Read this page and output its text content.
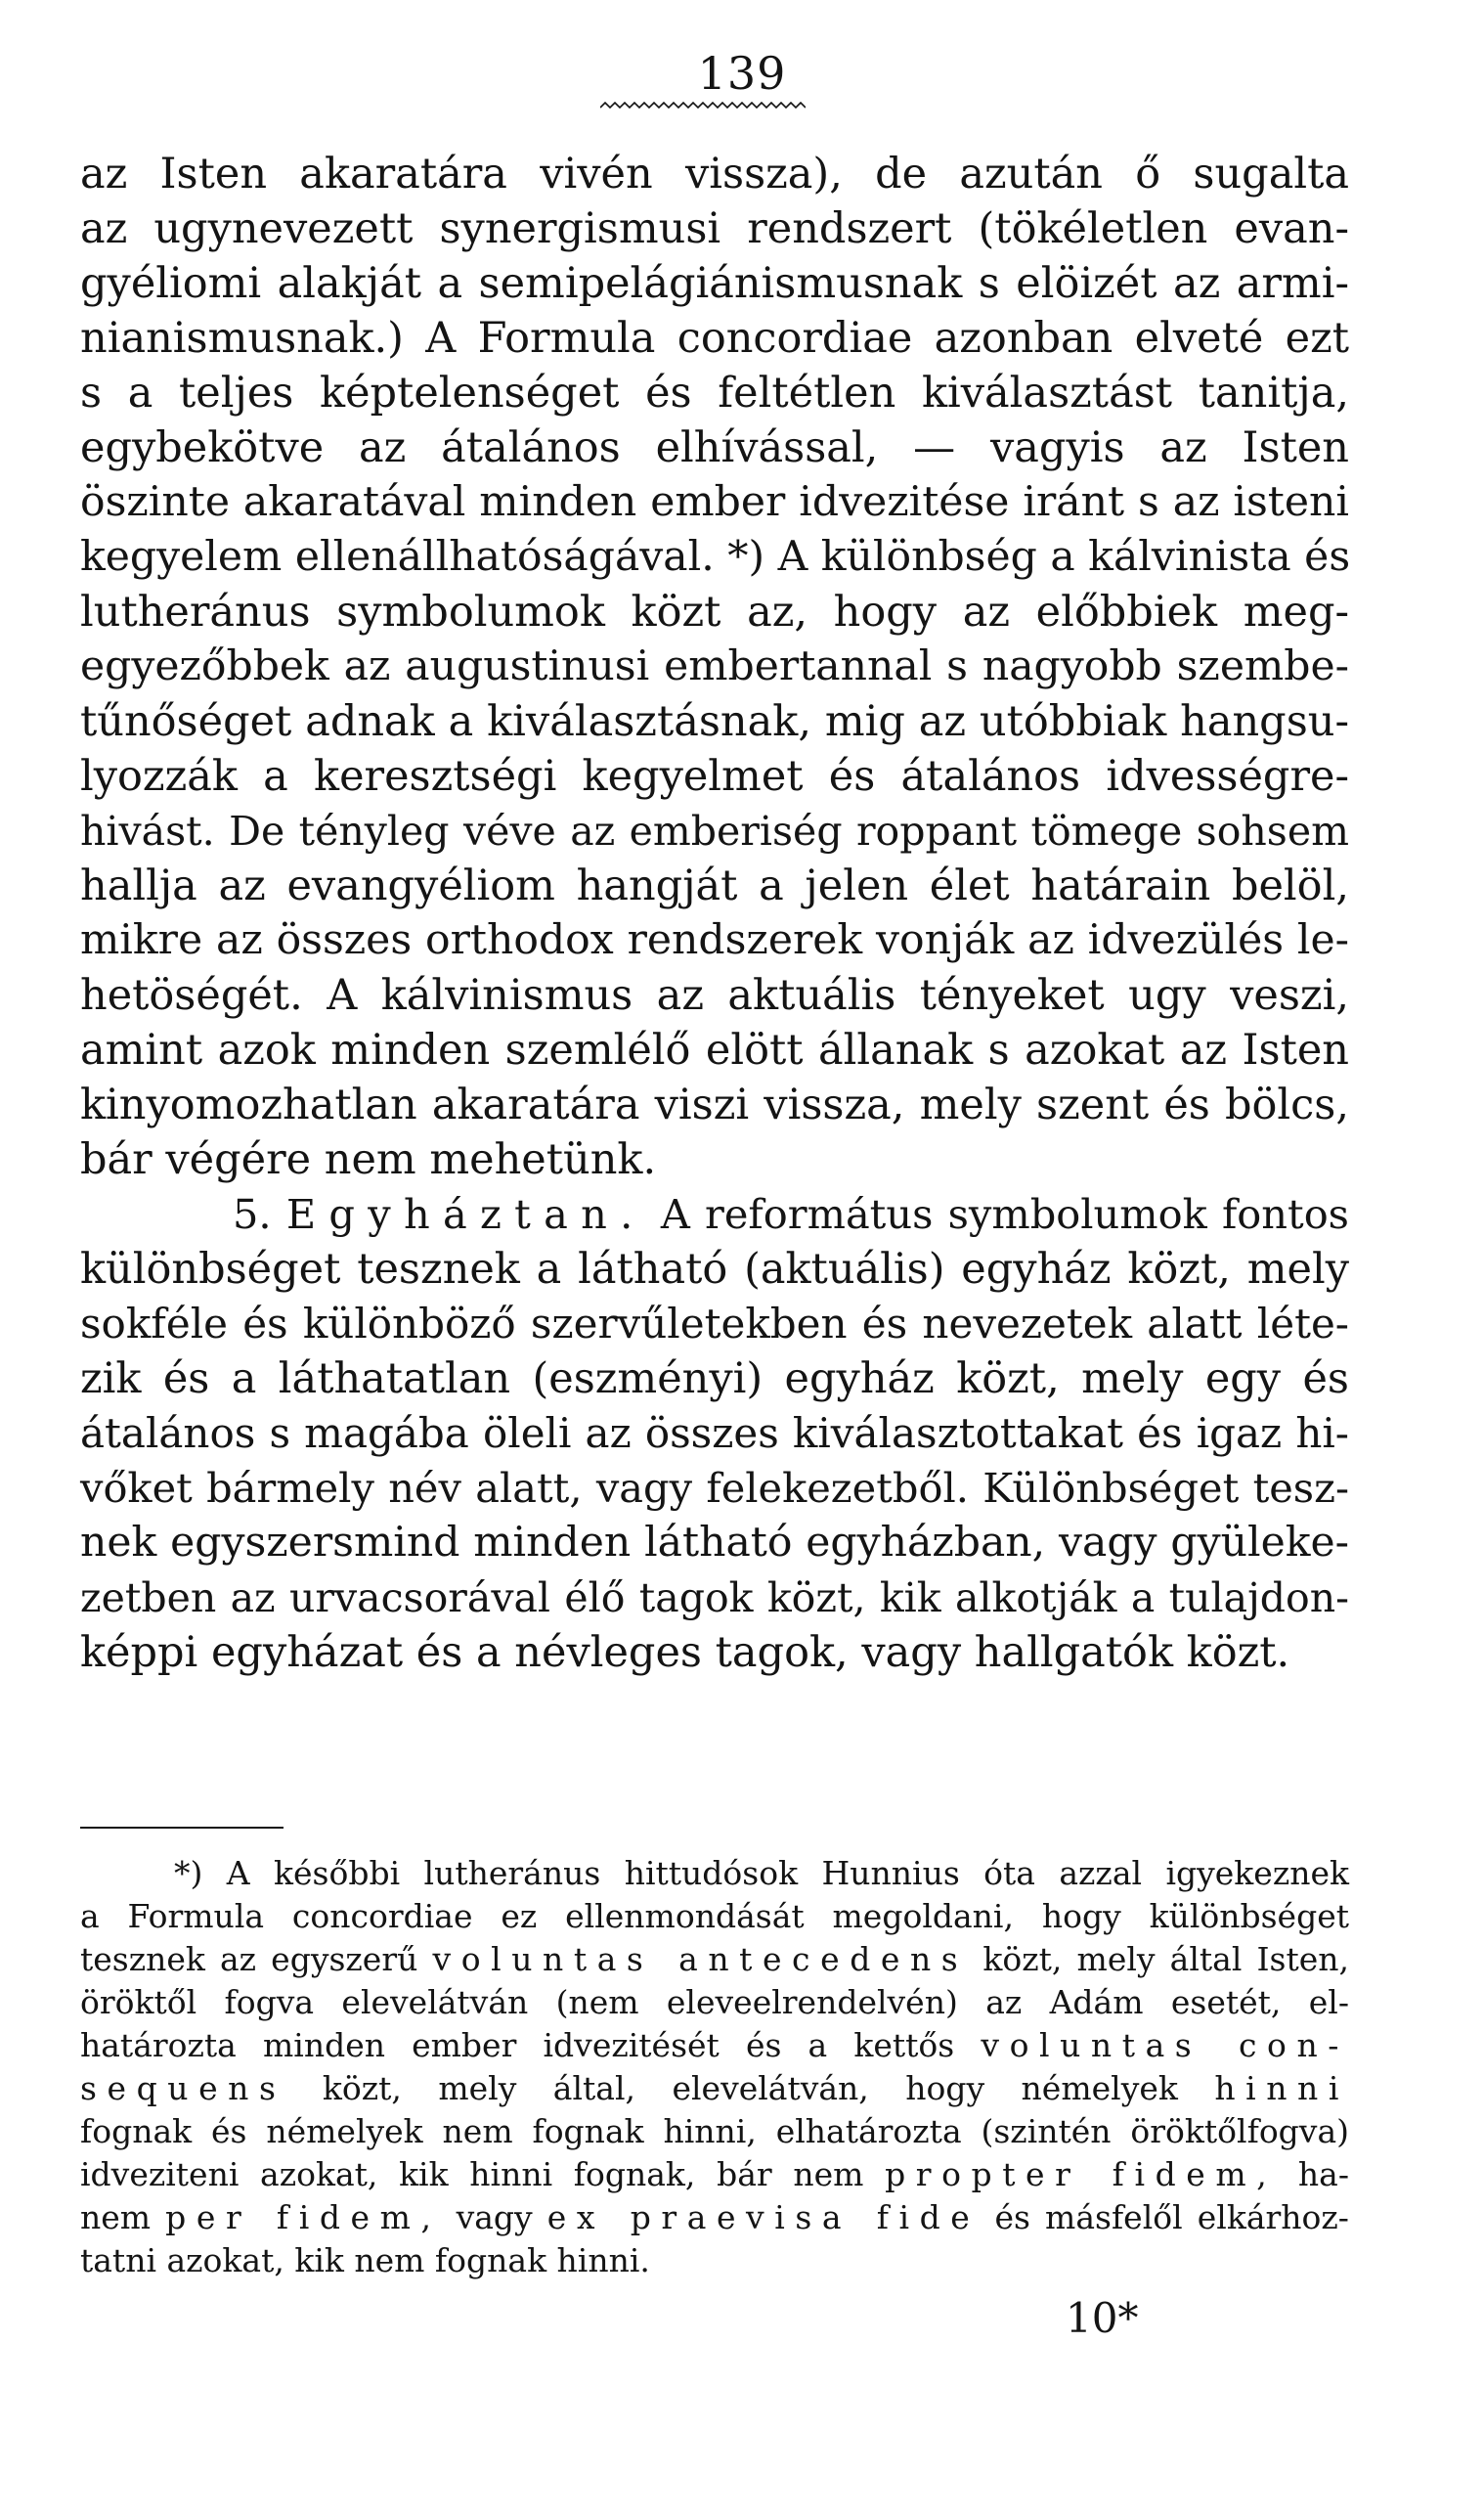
139
az Isten akaratára vivén vissza), de azután ő sugalta
az ugynevezett synergismusi rendszert (tökéletlen evan-
gyéliomi alakját a semipelágiánismusnak s elöizét az armi-
nianismusnak.) A Formula concordiae azonban elveté ezt
s a teljes képtelenséget és feltétlen kiválasztást tanitja,
egybekötve az átalános elhívással, — vagyis az Isten
öszinte akaratával minden ember idvezitése iránt s az isteni
kegyelem ellenállhatóságával. *) A különbség a kálvinista és
lutheránus symbolumok közt az, hogy az előbbiek meg-
egyezőbbek az augustinusi embertannal s nagyobb szembe-
tűnőséget adnak a kiválasztásnak, mig az utóbbiak hangsu-
lyozzák a keresztségi kegyelmet és átalános idvességre-
hivást. De tényleg véve az emberiség roppant tömege sohsem
hallja az evangyéliom hangját a jelen élet határain belöl,
mikre az összes orthodox rendszerek vonják az idvezülés le-
hetöségét. A kálvinismus az aktuális tényeket ugy veszi,
amint azok minden szemlélő elött állanak s azokat az Isten
kinyomozhatlan akaratára viszi vissza, mely szent és bölcs,
bár végére nem mehetünk.
5. Egyháztan. A református symbolumok fontos
különbséget tesznek a látható (aktuális) egyház közt, mely
sokféle és különböző szervűletekben és nevezetek alatt léte-
zik és a láthatatlan (eszményi) egyház közt, mely egy és
átalános s magába öleli az összes kiválasztottakat és igaz hi-
vőket bármely név alatt, vagy felekezetből. Különbséget tesz-
nek egyszersmind minden látható egyházban, vagy gyüleke-
zetben az urvacsorával élő tagok közt, kik alkotják a tulajdon-
képpi egyházat és a névleges tagok, vagy hallgatók közt.
*) A későbbi lutheránus hittudósok Hunnius óta azzal igyekeznek
a Formula concordiae ez ellenmondását megoldani, hogy különbséget
tesznek az egyszerű voluntas antecedens közt, mely által Isten,
öröktől fogva elevelátván (nem eleveelrendelvén) az Adám esetét, el-
határozta minden ember idvezitését és a kettős voluntas con-
sequens közt, mely által, elevelátván, hogy némelyek hinni
fognak és némelyek nem fognak hinni, elhatározta (szintén öröktőlfogva)
idveziteni azokat, kik hinni fognak, bár nem propter fidem, ha-
nem per fidem, vagy ex praevisa fide és másfelől elkárhoz-
tatni azokat, kik nem fognak hinni.
10*
